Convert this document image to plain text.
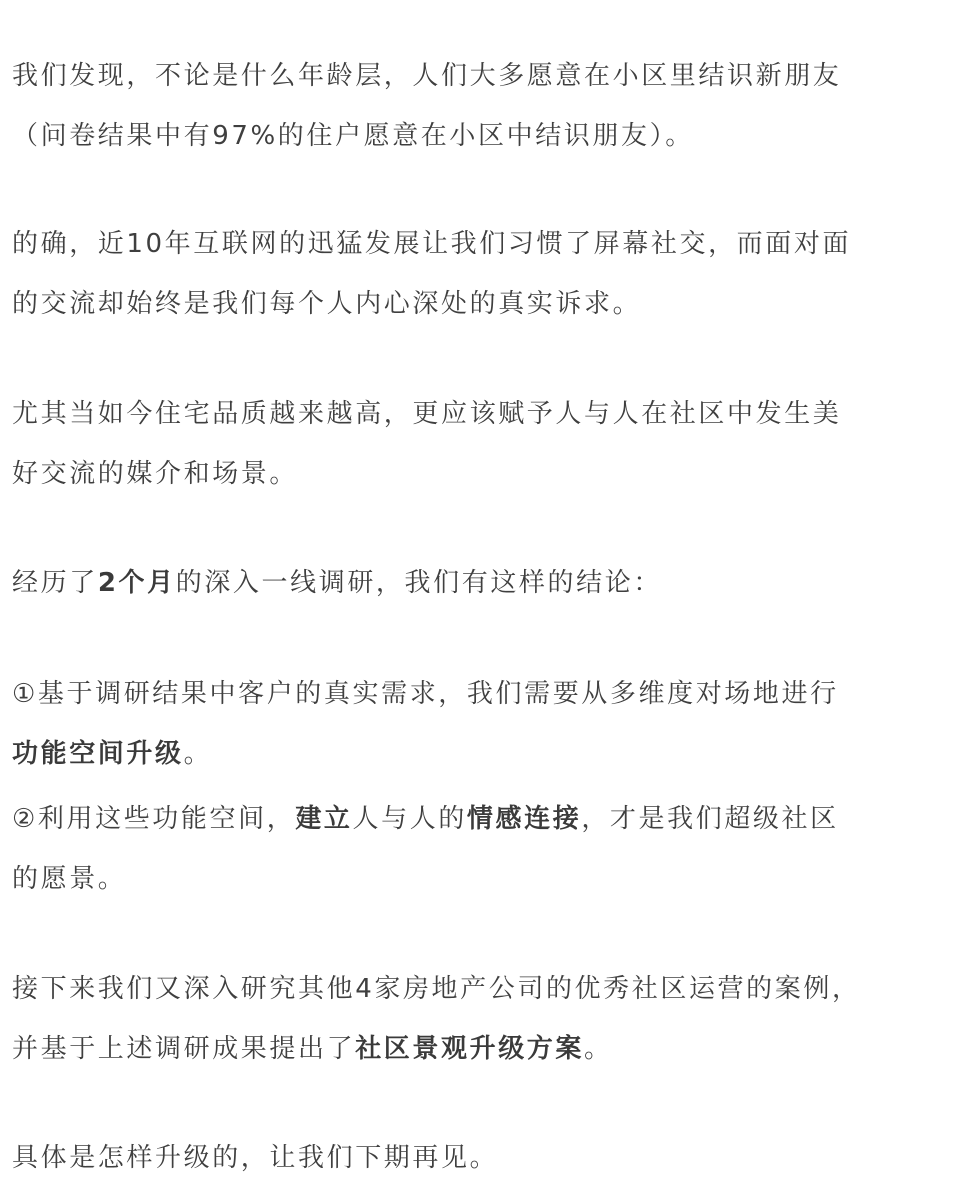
我们发现，不论是什么年龄层，人们大多愿意在小区里结识新朋友
（问卷结果中有97%的住户愿意在小区中结识朋友）。
的确，近10年互联网的迅猛发展让我们习惯了屏幕社交，而面对面
的交流却始终是我们每个人内心深处的真实诉求。
尤其当如今住宅品质越来越高，更应该赋予人与人在社区中发生美
好交流的媒介和场景。
经历了2个月的深入一线调研，我们有这样的结论：
①基于调研结果中客户的真实需求，我们需要从多维度对场地进行
功能空间升级。
②利用这些功能空间，建立人与人的情感连接，才是我们超级社区
的愿景。
接下来我们又深入研究其他4家房地产公司的优秀社区运营的案例，
并基于上述调研成果提出了社区景观升级方案。
具体是怎样升级的，让我们下期再见。
